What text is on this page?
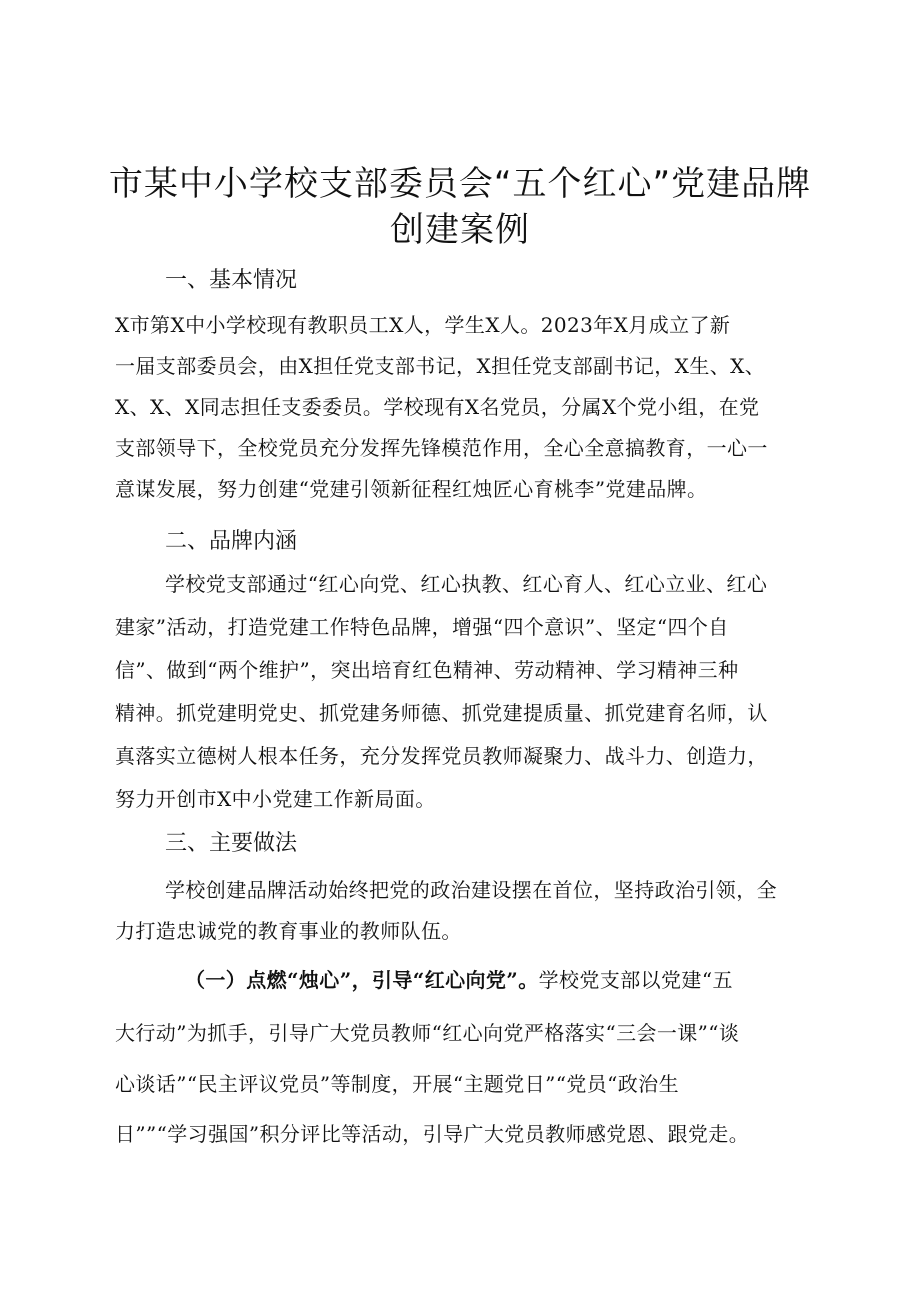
市某中小学校支部委员会“五个红心”党建品牌
创建案例
一、基本情况
X市第X中小学校现有教职员工X人，学生X人。2023年X月成立了新
一届支部委员会，由X担任党支部书记，X担任党支部副书记，X生、X、
X、X、X同志担任支委委员。学校现有X名党员，分属X个党小组，在党
支部领导下，全校党员充分发挥先锋模范作用，全心全意搞教育，一心一
意谋发展，努力创建“党建引领新征程红烛匠心育桃李”党建品牌。
二、品牌内涵
学校党支部通过“红心向党、红心执教、红心育人、红心立业、红心
建家”活动，打造党建工作特色品牌，增强“四个意识”、坚定“四个自
信”、做到“两个维护”，突出培育红色精神、劳动精神、学习精神三种
精神。抓党建明党史、抓党建务师德、抓党建提质量、抓党建育名师，认
真落实立德树人根本任务，充分发挥党员教师凝聚力、战斗力、创造力，
努力开创市X中小党建工作新局面。
三、主要做法
学校创建品牌活动始终把党的政治建设摆在首位，坚持政治引领，全
力打造忠诚党的教育事业的教师队伍。
（一）点燃“烛心”，引导“红心向党”。学校党支部以党建“五
大行动”为抓手，引导广大党员教师“红心向党严格落实“三会一课”“谈
心谈话”“民主评议党员”等制度，开展“主题党日”“党员“政治生
日””“学习强国”积分评比等活动，引导广大党员教师感党恩、跟党走。
